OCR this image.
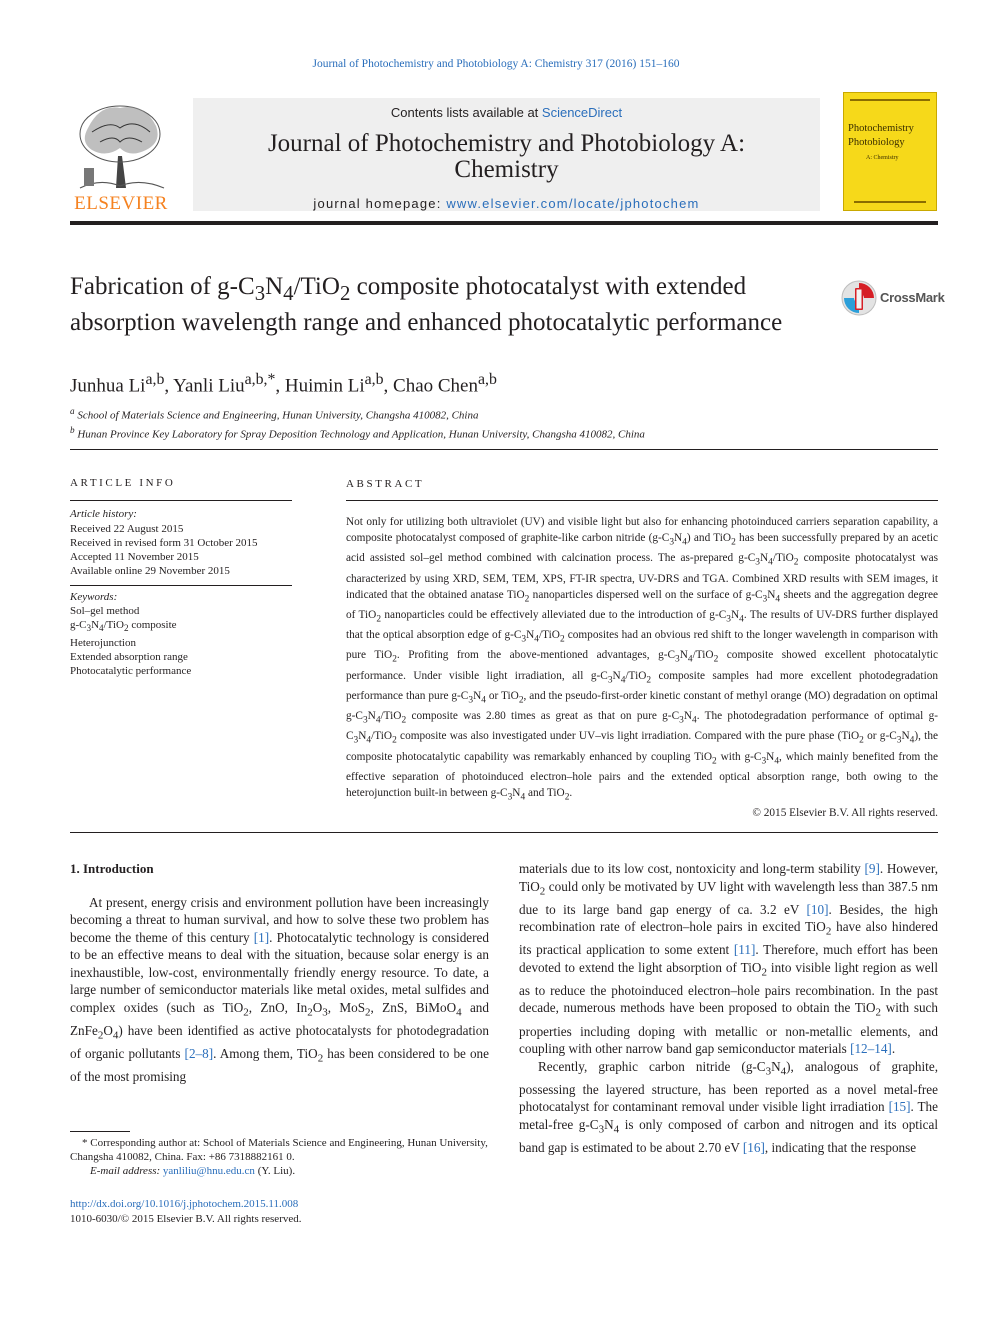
Journal of Photochemistry and Photobiology A: Chemistry 317 (2016) 151–160
ELSEVIER
Contents lists available at ScienceDirect
Journal of Photochemistry and Photobiology A:
Chemistry
journal homepage: www.elsevier.com/locate/jphotochem
Photochemistry
Photobiology
A: Chemistry
Fabrication of $g-C_3N_4/TiO_2$ composite photocatalyst with extended absorption wavelength range and enhanced photocatalytic performance
CrossMark
Junhua Li$^{a,b}$, Yanli Liu$^{a,b,*}$, Huimin Li$^{a,b}$, Chao Chen$^{a,b}$
$^a$ School of Materials Science and Engineering, Hunan University, Changsha 410082, China
$^b$ Hunan Province Key Laboratory for Spray Deposition Technology and Application, Hunan University, Changsha 410082, China
ARTICLE INFO
Article history:
Received 22 August 2015
Received in revised form 31 October 2015
Accepted 11 November 2015
Available online 29 November 2015
Keywords:
Sol–gel method
$g-C_3N_4/TiO_2$ composite
Heterojunction
Extended absorption range
Photocatalytic performance
ABSTRACT
Not only for utilizing both ultraviolet (UV) and visible light but also for enhancing photoinduced carriers separation capability, a composite photocatalyst composed of graphite-like carbon nitride $(g-C_3N_4)$ and TiO$_2$ has been successfully prepared by an acetic acid assisted sol–gel method combined with calcination process. The as-prepared $g-C_3N_4/TiO_2$ composite photocatalyst was characterized by using XRD, SEM, TEM, XPS, FT-IR spectra, UV-DRS and TGA. Combined XRD results with SEM images, it indicated that the obtained anatase TiO$_2$ nanoparticles dispersed well on the surface of $g-C_3N_4$ sheets and the aggregation degree of TiO$_2$ nanoparticles could be effectively alleviated due to the introduction of $g-C_3N_4$. The results of UV-DRS further displayed that the optical absorption edge of $g-C_3N_4/TiO_2$ composites had an obvious red shift to the longer wavelength in comparison with pure TiO$_2$. Profiting from the above-mentioned advantages, $g-C_3N_4/TiO_2$ composite showed excellent photocatalytic performance. Under visible light irradiation, all $g-C_3N_4/TiO_2$ composite samples had more excellent photodegradation performance than pure $g-C_3N_4$ or TiO$_2$, and the pseudo-first-order kinetic constant of methyl orange (MO) degradation on optimal $g-C_3N_4/TiO_2$ composite was 2.80 times as great as that on pure $g-C_3N_4$. The photodegradation performance of optimal $g-C_3N_4/TiO_2$ composite was also investigated under UV–vis light irradiation. Compared with the pure phase (TiO$_2$ or $g-C_3N_4$), the composite photocatalytic capability was remarkably enhanced by coupling TiO$_2$ with $g-C_3N_4$, which mainly benefited from the effective separation of photoinduced electron–hole pairs and the extended optical absorption range, both owing to the heterojunction built-in between $g-C_3N_4$ and TiO$_2$.
© 2015 Elsevier B.V. All rights reserved.
1. Introduction

At present, energy crisis and environment pollution have been increasingly becoming a threat to human survival, and how to solve these two problem has become the theme of this century [1]. Photocatalytic technology is considered to be an effective means to deal with the situation, because solar energy is an inexhaustible, low-cost, environmentally friendly energy resource. To date, a large number of semiconductor materials like metal oxides, metal sulfides and complex oxides (such as TiO$_2$, ZnO, $In_2O_3$, MoS$_2$, ZnS, BiMoO$_4$ and $ZnFe_2O_4$) have been identified as active photocatalysts for photodegradation of organic pollutants [2–8]. Among them, TiO$_2$ has been considered to be one of the most promising

materials due to its low cost, nontoxicity and long-term stability [9]. However, TiO$_2$ could only be motivated by UV light with wavelength less than 387.5 nm due to its large band gap energy of ca. 3.2 eV [10]. Besides, the high recombination rate of electron–hole pairs in excited TiO$_2$ have also hindered its practical application to some extent [11]. Therefore, much effort has been devoted to extend the light absorption of TiO$_2$ into visible light region as well as to reduce the photoinduced electron–hole pairs recombination. In the past decade, numerous methods have been proposed to obtain the TiO$_2$ with such properties including doping with metallic or non-metallic elements, and coupling with other narrow band gap semiconductor materials [12–14].

Recently, graphic carbon nitride $(g-C_3N_4)$, analogous of graphite, possessing the layered structure, has been reported as a novel metal-free photocatalyst for contaminant removal under visible light irradiation [15]. The metal-free $g-C_3N_4$ is only composed of carbon and nitrogen and its optical band gap is estimated to be about 2.70 eV [16], indicating that the response

* Corresponding author at: School of Materials Science and Engineering, Hunan University, Changsha 410082, China. Fax: +86 7318882161 0.
E-mail address: yanliliu@hnu.edu.cn (Y. Liu).
http://dx.doi.org/10.1016/j.jphotochem.2015.11.008
1010-6030/© 2015 Elsevier B.V. All rights reserved.
